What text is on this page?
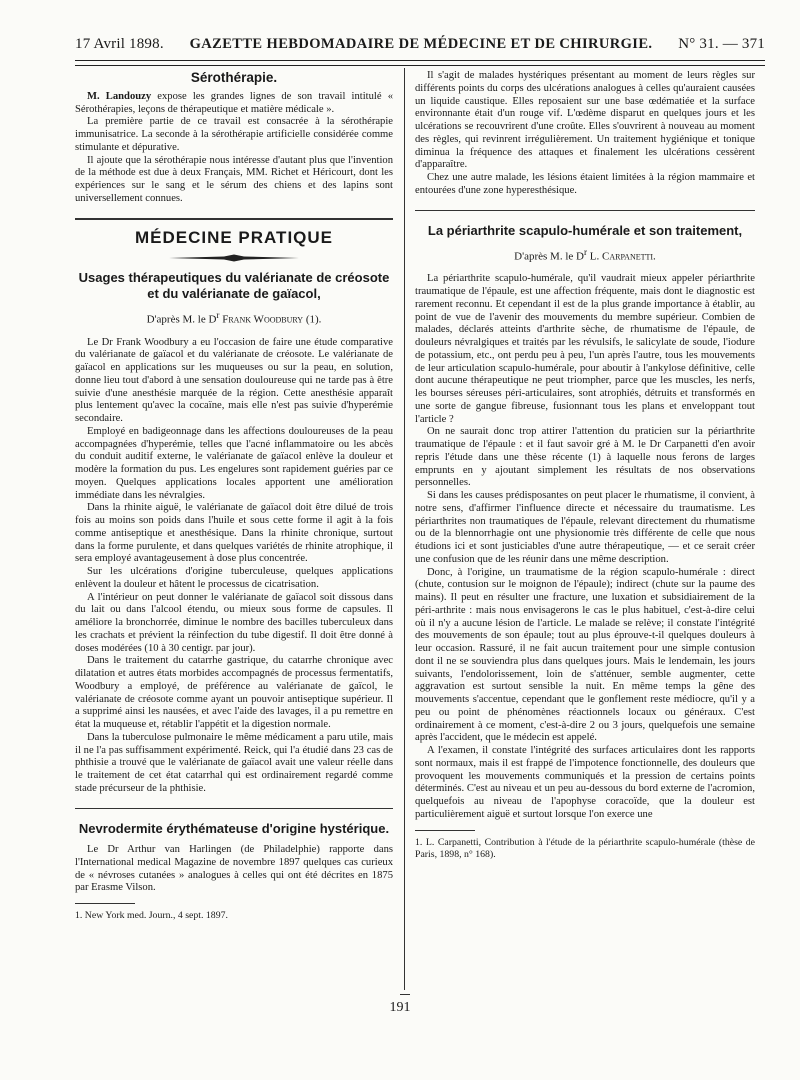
17 Avril 1898. GAZETTE HEBDOMADAIRE DE MÉDECINE ET DE CHIRURGIE. N° 31. — 371
Sérothérapie.

M. Landouzy expose les grandes lignes de son travail intitulé « Sérothérapies, leçons de thérapeutique et matière médicale ».

La première partie de ce travail est consacrée à la sérothérapie immunisatrice. La seconde à la sérothérapie artificielle considérée comme stimulante et dépurative.

Il ajoute que la sérothérapie nous intéresse d'autant plus que l'invention de la méthode est due à deux Français, MM. Richet et Héricourt, dont les expériences sur le sang et le sérum des chiens et des lapins sont universellement connues.

MÉDECINE PRATIQUE
Usages thérapeutiques du valérianate de créosote et du valérianate de gaïacol,
D'après M. le $D^r$ Frank Woodbury (1).

Le Dr Frank Woodbury a eu l'occasion de faire une étude comparative du valérianate de gaïacol et du valérianate de créosote. Le valérianate de gaïacol en applications sur les muqueuses ou sur la peau, en solution, donne lieu tout d'abord à une sensation douloureuse qui ne tarde pas à être suivie d'une anesthésie marquée de la région. Cette anesthésie apparaît plus lentement qu'avec la cocaïne, mais elle n'est pas suivie d'hyperémie secondaire.

Employé en badigeonnage dans les affections douloureuses de la peau accompagnées d'hyperémie, telles que l'acné inflammatoire ou les abcès du conduit auditif externe, le valérianate de gaïacol enlève la douleur et modère la formation du pus. Les engelures sont rapidement guéries par ce moyen. Quelques applications locales apportent une amélioration immédiate dans les névralgies.

Dans la rhinite aiguë, le valérianate de gaïacol doit être dilué de trois fois au moins son poids dans l'huile et sous cette forme il agit à la fois comme antiseptique et anesthésique. Dans la rhinite chronique, surtout dans la forme purulente, et dans quelques variétés de rhinite atrophique, il sera employé avantageusement à dose plus concentrée.

Sur les ulcérations d'origine tuberculeuse, quelques applications enlèvent la douleur et hâtent le processus de cicatrisation.

A l'intérieur on peut donner le valérianate de gaïacol soit dissous dans du lait ou dans l'alcool étendu, ou mieux sous forme de capsules. Il améliore la bronchorrée, diminue le nombre des bacilles tuberculeux dans les crachats et prévient la réinfection du tube digestif. Il doit être donné à doses modérées (10 à 30 centigr. par jour).

Dans le traitement du catarrhe gastrique, du catarrhe chronique avec dilatation et autres états morbides accompagnés de processus fermentatifs, Woodbury a employé, de préférence au valérianate de gaïcol, le valérianate de créosote comme ayant un pouvoir antiseptique supérieur. Il a supprimé ainsi les nausées, et avec l'aide des lavages, il a pu remettre en état la muqueuse et, rétablir l'appétit et la digestion normale.

Dans la tuberculose pulmonaire le même médicament a paru utile, mais il ne l'a pas suffisamment expérimenté. Reick, qui l'a étudié dans 23 cas de phthisie a trouvé que le valérianate de gaïacol avait une valeur réelle dans le traitement de cet état catarrhal qui est ordinairement regardé comme stade précurseur de la phthisie.

Nevrodermite érythémateuse d'origine hystérique.

Le Dr Arthur van Harlingen (de Philadelphie) rapporte dans l'International medical Magazine de novembre 1897 quelques cas curieux de « névroses cutanées » analogues à celles qui ont été décrites en 1875 par Erasme Vilson.

1. New York med. Journ., 4 sept. 1897.

Il s'agit de malades hystériques présentant au moment de leurs règles sur différents points du corps des ulcérations analogues à celles qu'auraient causées un liquide caustique. Elles reposaient sur une base œdématiée et la surface environnante était d'un rouge vif. L'œdème disparut en quelques jours et les ulcérations se recouvrirent d'une croûte. Elles s'ouvrirent à nouveau au moment des règles, qui revinrent irrégulièrement. Un traitement hygiénique et tonique diminua la fréquence des attaques et finalement les ulcérations cessèrent d'apparaître.

Chez une autre malade, les lésions étaient limitées à la région mammaire et entourées d'une zone hyperesthésique.

La périarthrite scapulo-humérale et son traitement,
D'après M. le $D^r$ L. Carpanetti.

La périarthrite scapulo-humérale, qu'il vaudrait mieux appeler périarthrite traumatique de l'épaule, est une affection fréquente, mais dont le diagnostic est rarement reconnu. Et cependant il est de la plus grande importance à établir, au point de vue de l'avenir des mouvements du membre supérieur. Combien de malades, déclarés atteints d'arthrite sèche, de rhumatisme de l'épaule, de douleurs névralgiques et traités par les révulsifs, le salicylate de soude, l'iodure de potassium, etc., ont perdu peu à peu, l'un après l'autre, tous les mouvements de leur articulation scapulo-humérale, pour aboutir à l'ankylose définitive, celle dont aucune thérapeutique ne peut triompher, parce que les muscles, les nerfs, les bourses séreuses péri-articulaires, sont atrophiés, détruits et transformés en une sorte de gangue fibreuse, fusionnant tous les plans et enveloppant tout l'article ?

On ne saurait donc trop attirer l'attention du praticien sur la périarthrite traumatique de l'épaule : et il faut savoir gré à M. le Dr Carpanetti d'en avoir repris l'étude dans une thèse récente (1) à laquelle nous ferons de larges emprunts en y ajoutant simplement les résultats de nos observations personnelles.

Si dans les causes prédisposantes on peut placer le rhumatisme, il convient, à notre sens, d'affirmer l'influence directe et nécessaire du traumatisme. Les périarthrites non traumatiques de l'épaule, relevant directement du rhumatisme ou de la blennorrhagie ont une physionomie très différente de celle que nous étudions ici et sont justiciables d'une autre thérapeutique, — et ce serait créer une confusion que de les réunir dans une même description.

Donc, à l'origine, un traumatisme de la région scapulo-humérale : direct (chute, contusion sur le moignon de l'épaule); indirect (chute sur la paume des mains). Il peut en résulter une fracture, une luxation et subsidiairement de la péri-arthrite : mais nous envisagerons le cas le plus habituel, c'est-à-dire celui où il n'y a aucune lésion de l'article. Le malade se relève; il constate l'intégrité des mouvements de son épaule; tout au plus éprouve-t-il quelques douleurs à leur occasion. Rassuré, il ne fait aucun traitement pour une simple contusion dont il ne se souviendra plus dans quelques jours. Mais le lendemain, les jours suivants, l'endolorissement, loin de s'atténuer, semble augmenter, cette aggravation est surtout sensible la nuit. En même temps la gêne des mouvements s'accentue, cependant que le gonflement reste médiocre, qu'il y a peu ou point de phénomènes réactionnels locaux ou généraux. C'est ordinairement à ce moment, c'est-à-dire 2 ou 3 jours, quelquefois une semaine après l'accident, que le médecin est appelé.

A l'examen, il constate l'intégrité des surfaces articulaires dont les rapports sont normaux, mais il est frappé de l'impotence fonctionnelle, des douleurs que provoquent les mouvements communiqués et la pression de certains points déterminés. C'est au niveau et un peu au-dessous du bord externe de l'acromion, quelquefois au niveau de l'apophyse coracoïde, que la douleur est particulièrement aiguë et surtout lorsque l'on exerce une

1. L. Carpanetti, Contribution à l'étude de la périarthrite scapulo-humérale (thèse de Paris, 1898, n° 168).
191
